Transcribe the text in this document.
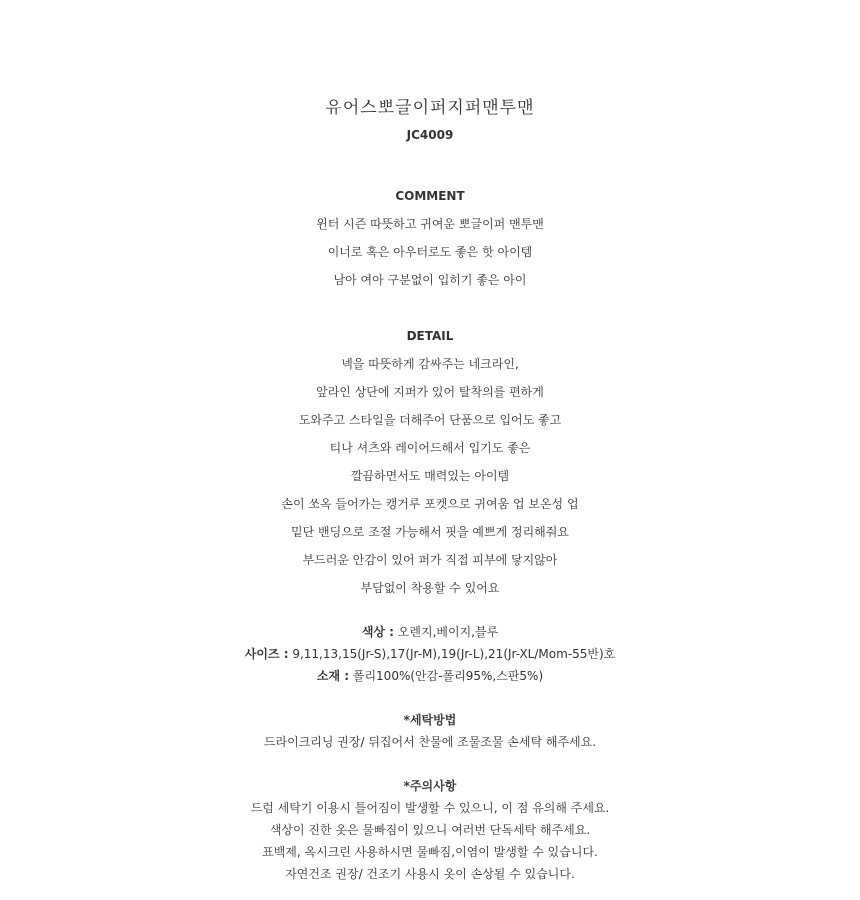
유어스뽀글이퍼지퍼맨투맨
JC4009
COMMENT
윈터 시즌 따뜻하고 귀여운 뽀글이퍼 맨투맨
이너로 혹은 아우터로도 좋은 핫 아이템
남아 여아 구분없이 입히기 좋은 아이
DETAIL
넥을 따뜻하게 감싸주는 네크라인,
앞라인 상단에 지퍼가 있어 탈착의를 편하게
도와주고 스타일을 더해주어 단품으로 입어도 좋고
티나 셔츠와 레이어드해서 입기도 좋은
깔끔하면서도 매력있는 아이템
손이 쏘옥 들어가는 캥거루 포켓으로 귀여움 업 보온성 업
밑단 밴딩으로 조절 가능해서 핏을 예쁘게 정리해줘요
부드러운 안감이 있어 퍼가 직접 피부에 닿지않아
부담없이 착용할 수 있어요
색상 : 오렌지,베이지,블루
사이즈 : 9,11,13,15(Jr-S),17(Jr-M),19(Jr-L),21(Jr-XL/Mom-55반)호
소재 : 폴리100%(안감-폴리95%,스판5%)
*세탁방법
드라이크리닝 권장/ 뒤집어서 찬물에 조물조물 손세탁 해주세요.
*주의사항
드럼 세탁기 이용시 틀어짐이 발생할 수 있으니, 이 점 유의해 주세요.
색상이 진한 옷은 물빠짐이 있으니 여러번 단독세탁 해주세요.
표백제, 옥시크린 사용하시면 물빠짐,이염이 발생할 수 있습니다.
자연건조 권장/ 건조기 사용시 옷이 손상될 수 있습니다.
